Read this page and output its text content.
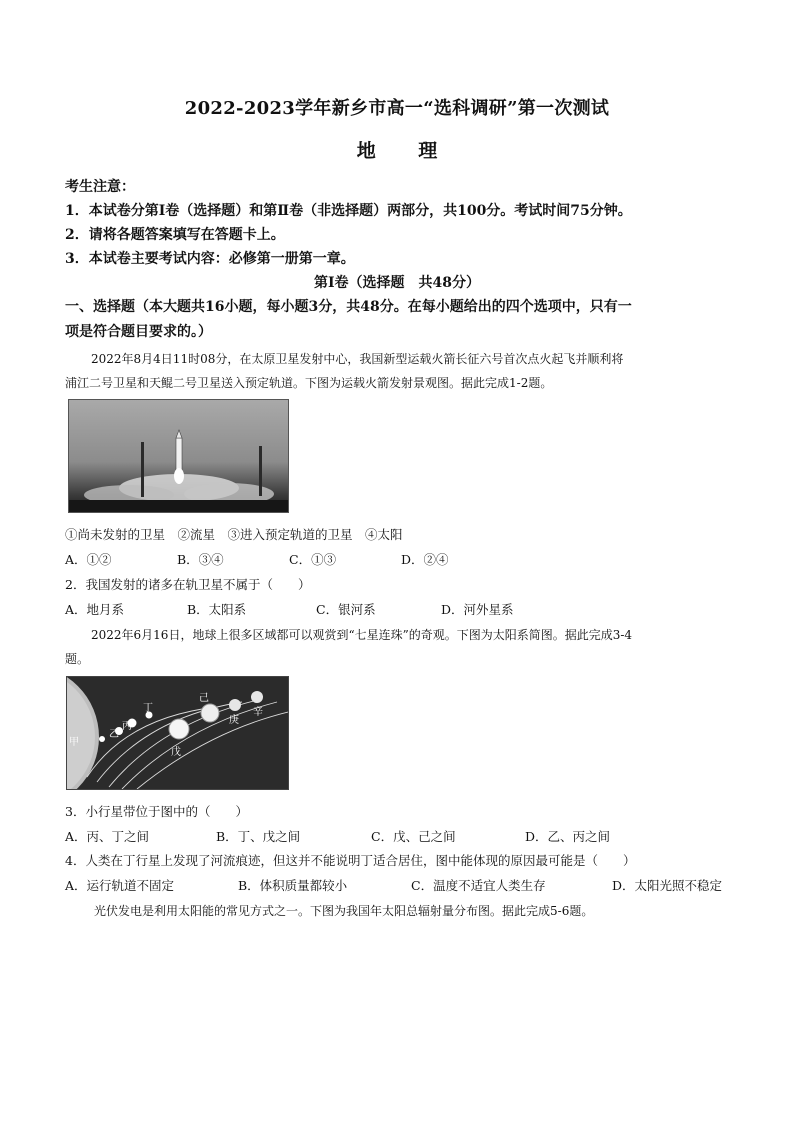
2022-2023学年新乡市高一“选科调研”第一次测试
地 理
考生注意：
1．本试卷分第Ⅰ卷（选择题）和第Ⅱ卷（非选择题）两部分，共100分。考试时间75分钟。
2．请将各题答案填写在答题卡上。
3．本试卷主要考试内容：必修第一册第一章。
第Ⅰ卷（选择题　共48分）
一、选择题（本大题共16小题，每小题3分，共48分。在每小题给出的四个选项中，只有一
项是符合题目要求的。）
2022年8月4日11时08分，在太原卫星发射中心，我国新型运载火箭长征六号首次点火起飞并顺利将
浦江二号卫星和天鲲二号卫星送入预定轨道。下图为运载火箭发射景观图。据此完成1-2题。
①尚未发射的卫星　②流星　③进入预定轨道的卫星　④太阳
A．①②	B．③④	C．①③	D．②④
2．我国发射的诸多在轨卫星不属于（　　）
A．地月系	B．太阳系	C．银河系	D．河外星系
2022年6月16日，地球上很多区域都可以观赏到“七星连珠”的奇观。下图为太阳系简图。据此完成3-4
题。
甲
乙
丙
丁
戊
己
庚
辛
3．小行星带位于图中的（　　）
A．丙、丁之间	B．丁、戊之间	C．戊、己之间	D．乙、丙之间
4．人类在丁行星上发现了河流痕迹，但这并不能说明丁适合居住，图中能体现的原因最可能是（　　）
A．运行轨道不固定	B．体积质量都较小	C．温度不适宜人类生存	D．太阳光照不稳定
光伏发电是利用太阳能的常见方式之一。下图为我国年太阳总辐射量分布图。据此完成5-6题。
